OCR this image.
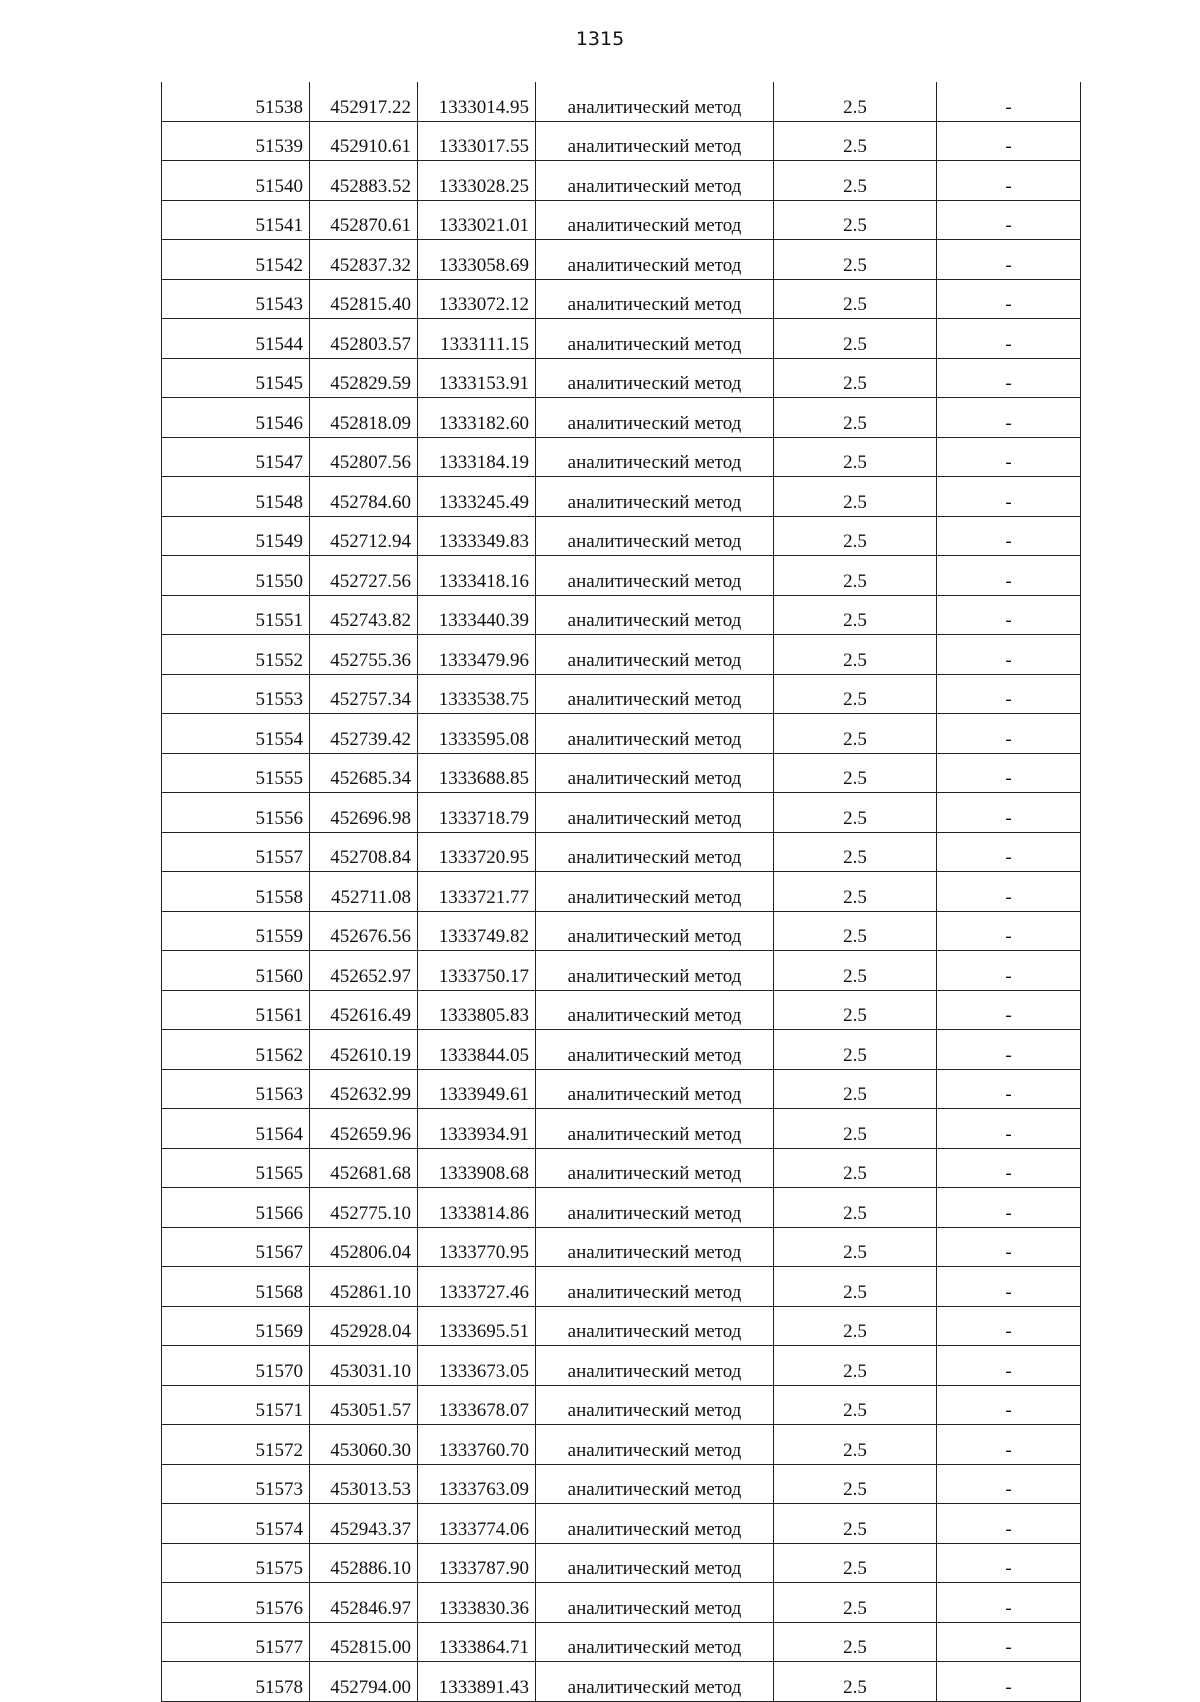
1315
51538	452917.22	1333014.95	аналитический метод	2.5	-
51539	452910.61	1333017.55	аналитический метод	2.5	-
51540	452883.52	1333028.25	аналитический метод	2.5	-
51541	452870.61	1333021.01	аналитический метод	2.5	-
51542	452837.32	1333058.69	аналитический метод	2.5	-
51543	452815.40	1333072.12	аналитический метод	2.5	-
51544	452803.57	1333111.15	аналитический метод	2.5	-
51545	452829.59	1333153.91	аналитический метод	2.5	-
51546	452818.09	1333182.60	аналитический метод	2.5	-
51547	452807.56	1333184.19	аналитический метод	2.5	-
51548	452784.60	1333245.49	аналитический метод	2.5	-
51549	452712.94	1333349.83	аналитический метод	2.5	-
51550	452727.56	1333418.16	аналитический метод	2.5	-
51551	452743.82	1333440.39	аналитический метод	2.5	-
51552	452755.36	1333479.96	аналитический метод	2.5	-
51553	452757.34	1333538.75	аналитический метод	2.5	-
51554	452739.42	1333595.08	аналитический метод	2.5	-
51555	452685.34	1333688.85	аналитический метод	2.5	-
51556	452696.98	1333718.79	аналитический метод	2.5	-
51557	452708.84	1333720.95	аналитический метод	2.5	-
51558	452711.08	1333721.77	аналитический метод	2.5	-
51559	452676.56	1333749.82	аналитический метод	2.5	-
51560	452652.97	1333750.17	аналитический метод	2.5	-
51561	452616.49	1333805.83	аналитический метод	2.5	-
51562	452610.19	1333844.05	аналитический метод	2.5	-
51563	452632.99	1333949.61	аналитический метод	2.5	-
51564	452659.96	1333934.91	аналитический метод	2.5	-
51565	452681.68	1333908.68	аналитический метод	2.5	-
51566	452775.10	1333814.86	аналитический метод	2.5	-
51567	452806.04	1333770.95	аналитический метод	2.5	-
51568	452861.10	1333727.46	аналитический метод	2.5	-
51569	452928.04	1333695.51	аналитический метод	2.5	-
51570	453031.10	1333673.05	аналитический метод	2.5	-
51571	453051.57	1333678.07	аналитический метод	2.5	-
51572	453060.30	1333760.70	аналитический метод	2.5	-
51573	453013.53	1333763.09	аналитический метод	2.5	-
51574	452943.37	1333774.06	аналитический метод	2.5	-
51575	452886.10	1333787.90	аналитический метод	2.5	-
51576	452846.97	1333830.36	аналитический метод	2.5	-
51577	452815.00	1333864.71	аналитический метод	2.5	-
51578	452794.00	1333891.43	аналитический метод	2.5	-
